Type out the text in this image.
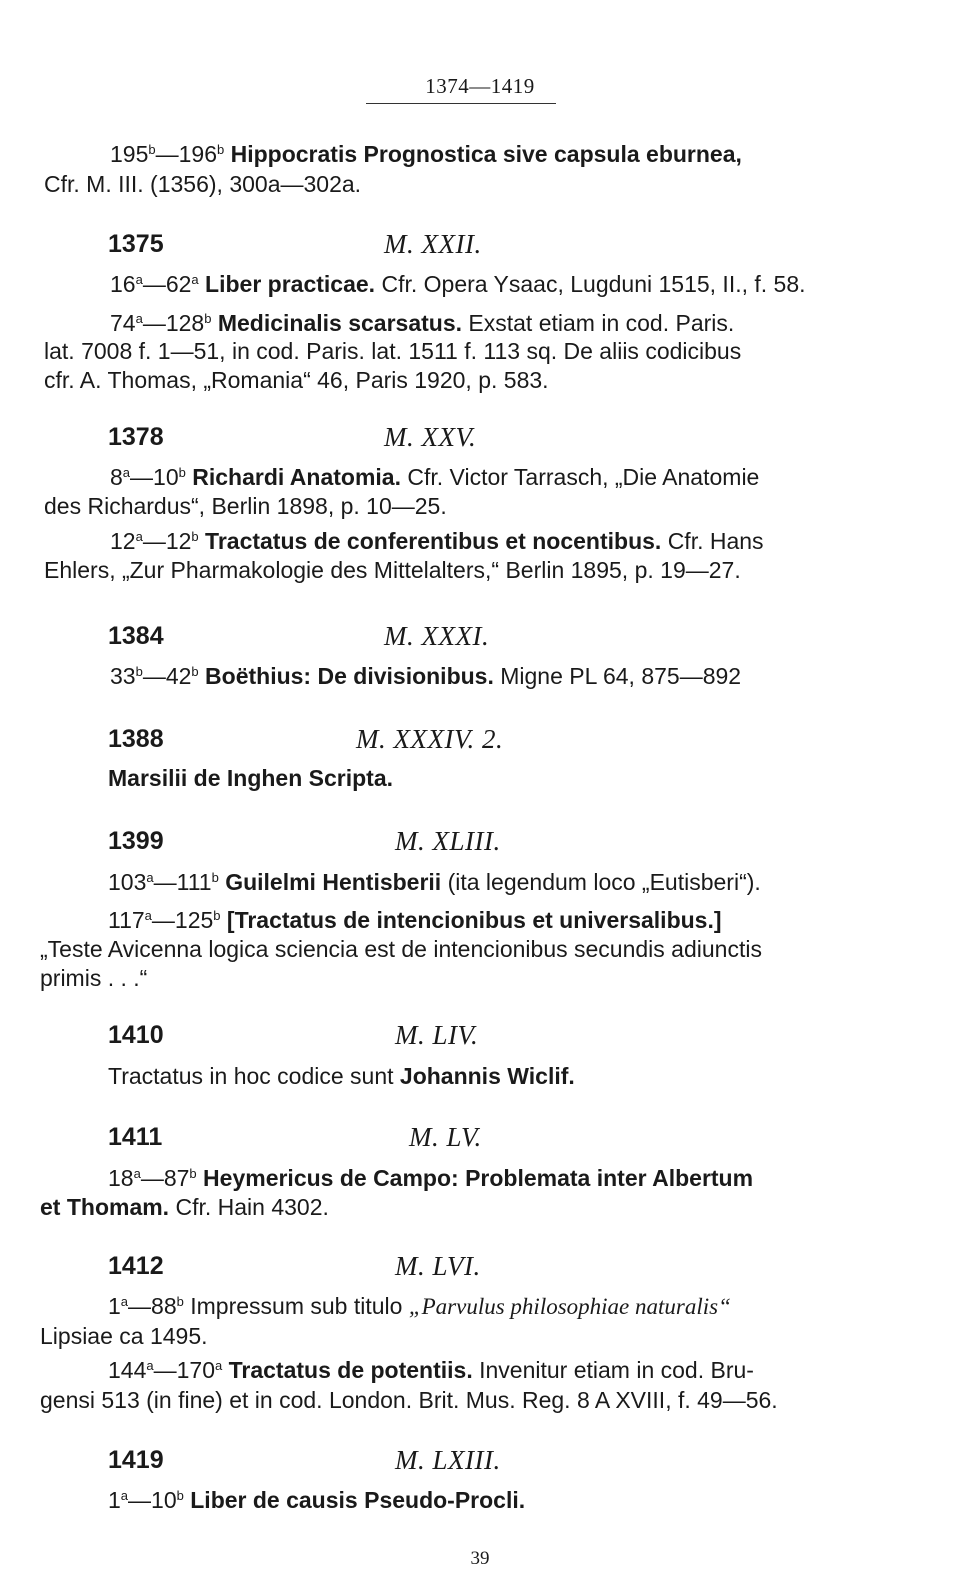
1374—1419
195$^b$—196$^b$ Hippocratis Prognostica sive capsula eburnea,
Cfr. M. III. (1356), 300a—302a.
1375	M. XXII.
16$^a$—62$^a$ Liber practicae. Cfr. Opera Ysaac, Lugduni 1515, II., f. 58.
74$^a$—128$^b$ Medicinalis scarsatus. Exstat etiam in cod. Paris.
lat. 7008 f. 1—51, in cod. Paris. lat. 1511 f. 113 sq. De aliis codicibus
cfr. A. Thomas, „Romania“ 46, Paris 1920, p. 583.
1378	M. XXV.
8$^a$—10$^b$ Richardi Anatomia. Cfr. Victor Tarrasch, „Die Anatomie
des Richardus“, Berlin 1898, p. 10—25.
12$^a$—12$^b$ Tractatus de conferentibus et nocentibus. Cfr. Hans
Ehlers, „Zur Pharmakologie des Mittelalters,“ Berlin 1895, p. 19—27.
1384	M. XXXI.
33$^b$—42$^b$ Boëthius: De divisionibus. Migne PL 64, 875—892
1388	M. XXXIV. 2.
Marsilii de Inghen Scripta.
1399	M. XLIII.
103$^a$—111$^b$ Guilelmi Hentisberii (ita legendum loco „Eutisberi“).
117$^a$—125$^b$ [Tractatus de intencionibus et universalibus.]
„Teste Avicenna logica sciencia est de intencionibus secundis adiunctis
primis . . .“
1410	M. LIV.
Tractatus in hoc codice sunt Johannis Wiclif.
1411	M. LV.
18$^a$—87$^b$ Heymericus de Campo: Problemata inter Albertum
et Thomam. Cfr. Hain 4302.
1412	M. LVI.
1$^a$—88$^b$ Impressum sub titulo „Parvulus philosophiae naturalis“
Lipsiae ca 1495.
144$^a$—170$^a$ Tractatus de potentiis. Invenitur etiam in cod. Bru-
gensi 513 (in fine) et in cod. London. Brit. Mus. Reg. 8 A XVIII, f. 49—56.
1419	M. LXIII.
1$^a$—10$^b$ Liber de causis Pseudo-Procli.
39
